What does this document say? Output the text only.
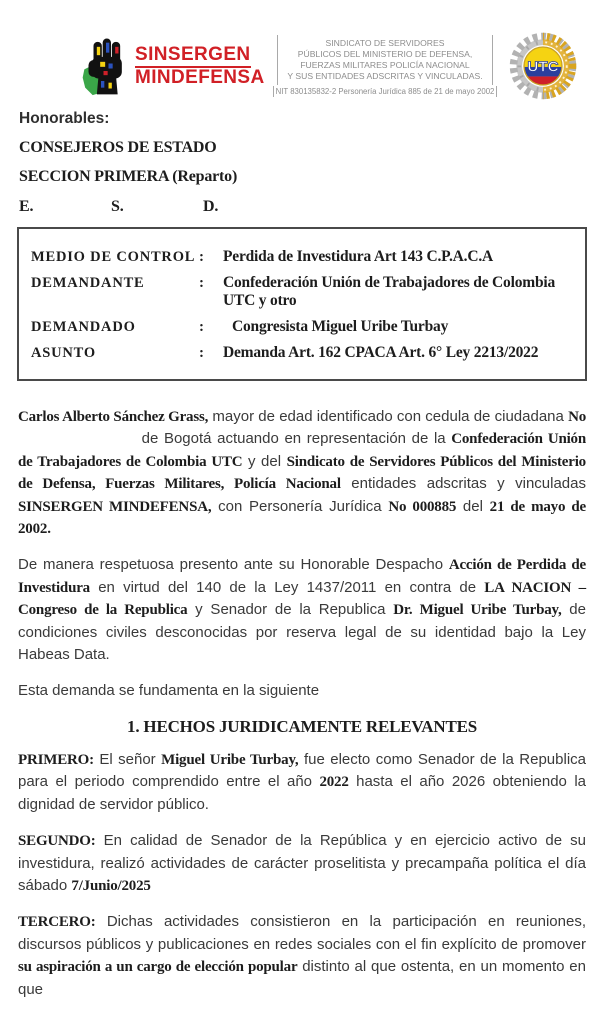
SINSERGEN
MINDEFENSA
SINDICATO DE SERVIDORES
PÚBLICOS DEL MINISTERIO DE DEFENSA,
FUERZAS MILITARES POLICÍA NACIONAL
Y SUS ENTIDADES ADSCRITAS Y VINCULADAS.
NIT 830135832-2 Personería Jurídica 885 de 21 de mayo 2002
UTC
Honorables:
CONSEJEROS DE ESTADO
SECCION PRIMERA (Reparto)
E.	S.	D.
MEDIO DE CONTROL :	Perdida de Investidura Art 143 C.P.A.C.A
DEMANDANTE	:	Confederación Unión de Trabajadores de Colombia UTC y otro
DEMANDADO	:	Congresista Miguel Uribe Turbay
ASUNTO	:	Demanda Art. 162 CPACA Art. 6° Ley 2213/2022

Carlos Alberto Sánchez Grass, mayor de edad identificado con cedula de ciudadana No de Bogotá actuando en representación de la Confederación Unión de Trabajadores de Colombia UTC y del Sindicato de Servidores Públicos del Ministerio de Defensa, Fuerzas Militares, Policía Nacional entidades adscritas y vinculadas SINSERGEN MINDEFENSA, con Personería Jurídica No 000885 del 21 de mayo de 2002.

De manera respetuosa presento ante su Honorable Despacho Acción de Perdida de Investidura en virtud del 140 de la Ley 1437/2011 en contra de LA NACION – Congreso de la Republica y Senador de la Republica Dr. Miguel Uribe Turbay, de condiciones civiles desconocidas por reserva legal de su identidad bajo la Ley Habeas Data.

Esta demanda se fundamenta en la siguiente

1. HECHOS JURIDICAMENTE RELEVANTES

PRIMERO: El señor Miguel Uribe Turbay, fue electo como Senador de la Republica para el periodo comprendido entre el año 2022 hasta el año 2026 obteniendo la dignidad de servidor público.

SEGUNDO: En calidad de Senador de la República y en ejercicio activo de su investidura, realizó actividades de carácter proselitista y precampaña política el día sábado 7/Junio/2025

TERCERO: Dichas actividades consistieron en la participación en reuniones, discursos públicos y publicaciones en redes sociales con el fin explícito de promover su aspiración a un cargo de elección popular distinto al que ostenta, en un momento en que
